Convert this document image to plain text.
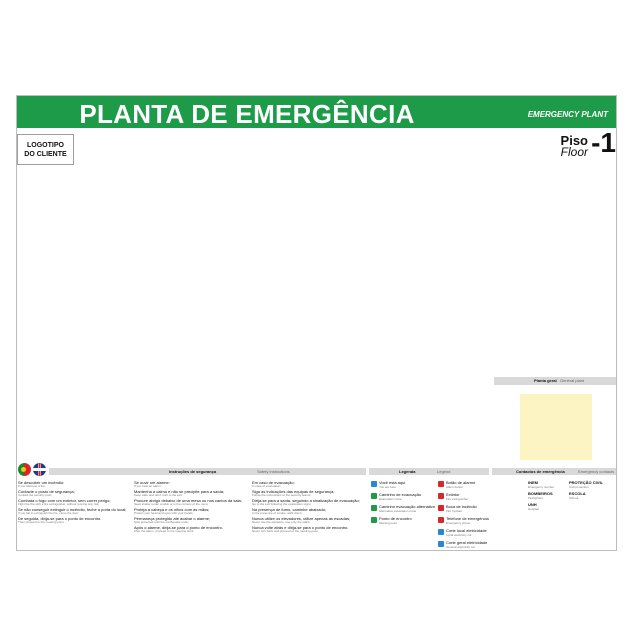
PLANTA DE EMERGÊNCIA	EMERGENCY PLANT
LOGOTIPO
DO CLIENTE
Piso
Floor -1
Planta geral General plant
Instruções de segurança	Safety instructions	Legenda	Legend	Contactos de emergência	Emergency contacts
Se descobrir um incêndio:
If you discover a fire:
Contacte o posto de segurança;
Contact the security post;
Combata o fogo com um extintor, sem correr perigo;
Fight the fire with a fire extinguisher, without running any risk;
Se não conseguir extinguir o incêndio, feche a porta do local;
If you fail to extinguish the fire, close the door;
De seguida, dirija-se para o ponto de encontro.
Then proceed to the meeting point.
Se ouvir um alarme:
If you hear an alarm:
Mantenha a calma e não se precipite para a saída;
Keep calm and don't rush to the exit;
Procure abrigo debaixo de uma mesa ou nos cantos da sala;
Seek shelter under a table or in the corners of the room;
Proteja a cabeça e os olhos com as mãos;
Protect your head and eyes with your hands;
Permaneça protegido até acabar o alarme;
Stay protected until the earthquake ends;
Após o alarme, dirija-se para o ponto de encontro.
After the alarm, proceed to the meeting point.
Em caso de evacuação:
In case of evacuation:
Siga as indicações das equipas de segurança;
Follow the instructions of the security teams;
Dirija-se para a saída, seguindo a sinalização de evacuação;
Go to the exit following the evacuation signs;
Na presença de fumo, caminhe abaixado;
In the presence of smoke, walk down;
Nunca utilize os elevadores, utilize apenas as escadas;
Never use the elevators, use only the stairs;
Nunca volte atrás e dirija-se para o ponto de encontro.
Never turn back and proceed to the meeting point.
Você está aqui
You are here
Caminho de evacuação
Evacuation route
Caminho evacuação alternativo
Alternative evacuation route
Ponto de encontro
Meeting point
Botão de alarme
Alarm button
Extintor
Fire extinguisher
Boca de incêndio
Fire hydrant
Telefone de emergência
Emergency phone
Corte local eletricidade
Local electricity cut
Corte geral eletricidade
General electricity cut
INEM
Emergency number
PROTEÇÃO CIVIL
Civil protection
BOMBEIROS
Firefighters
ESCOLA
School
UNH
Hospital
